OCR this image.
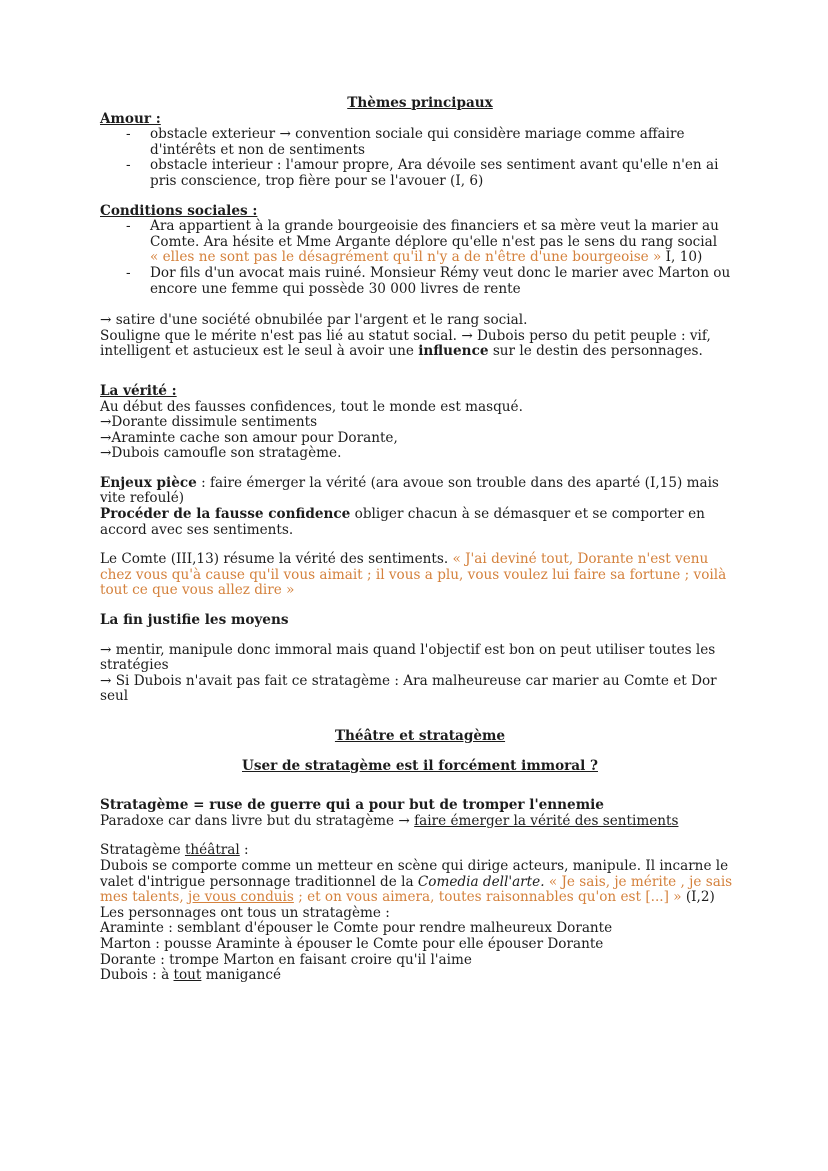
Thèmes principaux
Amour :
- obstacle exterieur → convention sociale qui considère mariage comme affaire d'intérêts et non de sentiments
- obstacle interieur : l'amour propre, Ara dévoile ses sentiment avant qu'elle n'en ai pris conscience, trop fière pour se l'avouer (I, 6)
Conditions sociales :
- Ara appartient à la grande bourgeoisie des financiers et sa mère veut la marier au Comte. Ara hésite et Mme Argante déplore qu'elle n'est pas le sens du rang social
« elles ne sont pas le désagrément qu'il n'y a de n'être d'une bourgeoise » I, 10)
- Dor fils d'un avocat mais ruiné. Monsieur Rémy veut donc le marier avec Marton ou encore une femme qui possède 30 000 livres de rente

→ satire d'une société obnubilée par l'argent et le rang social.

Souligne que le mérite n'est pas lié au statut social. → Dubois perso du petit peuple : vif, intelligent et astucieux est le seul à avoir une influence sur le destin des personnages.

La vérité :

Au début des fausses confidences, tout le monde est masqué.

→Dorante dissimule sentiments

→Araminte cache son amour pour Dorante,

→Dubois camoufle son stratagème.

Enjeux pièce : faire émerger la vérité (ara avoue son trouble dans des aparté (I,15) mais vite refoulé)

Procéder de la fausse confidence obliger chacun à se démasquer et se comporter en accord avec ses sentiments.

Le Comte (III,13) résume la vérité des sentiments. « J'ai deviné tout, Dorante n'est venu chez vous qu'à cause qu'il vous aimait ; il vous a plu, vous voulez lui faire sa fortune ; voilà tout ce que vous allez dire »

La fin justifie les moyens

→ mentir, manipule donc immoral mais quand l'objectif est bon on peut utiliser toutes les stratégies

→ Si Dubois n'avait pas fait ce stratagème : Ara malheureuse car marier au Comte et Dor seul

Théâtre et stratagème
User de stratagème est il forcément immoral ?

Stratagème = ruse de guerre qui a pour but de tromper l'ennemie

Paradoxe car dans livre but du stratagème → faire émerger la vérité des sentiments

Stratagème théâtral :

Dubois se comporte comme un metteur en scène qui dirige acteurs, manipule. Il incarne le valet d'intrigue personnage traditionnel de la Comedia dell'arte. « Je sais, je mérite , je sais mes talents, je vous conduis ; et on vous aimera, toutes raisonnables qu'on est [...] » (I,2)

Les personnages ont tous un stratagème :

Araminte : semblant d'épouser le Comte pour rendre malheureux Dorante

Marton : pousse Araminte à épouser le Comte pour elle épouser Dorante

Dorante : trompe Marton en faisant croire qu'il l'aime

Dubois : à tout manigancé
